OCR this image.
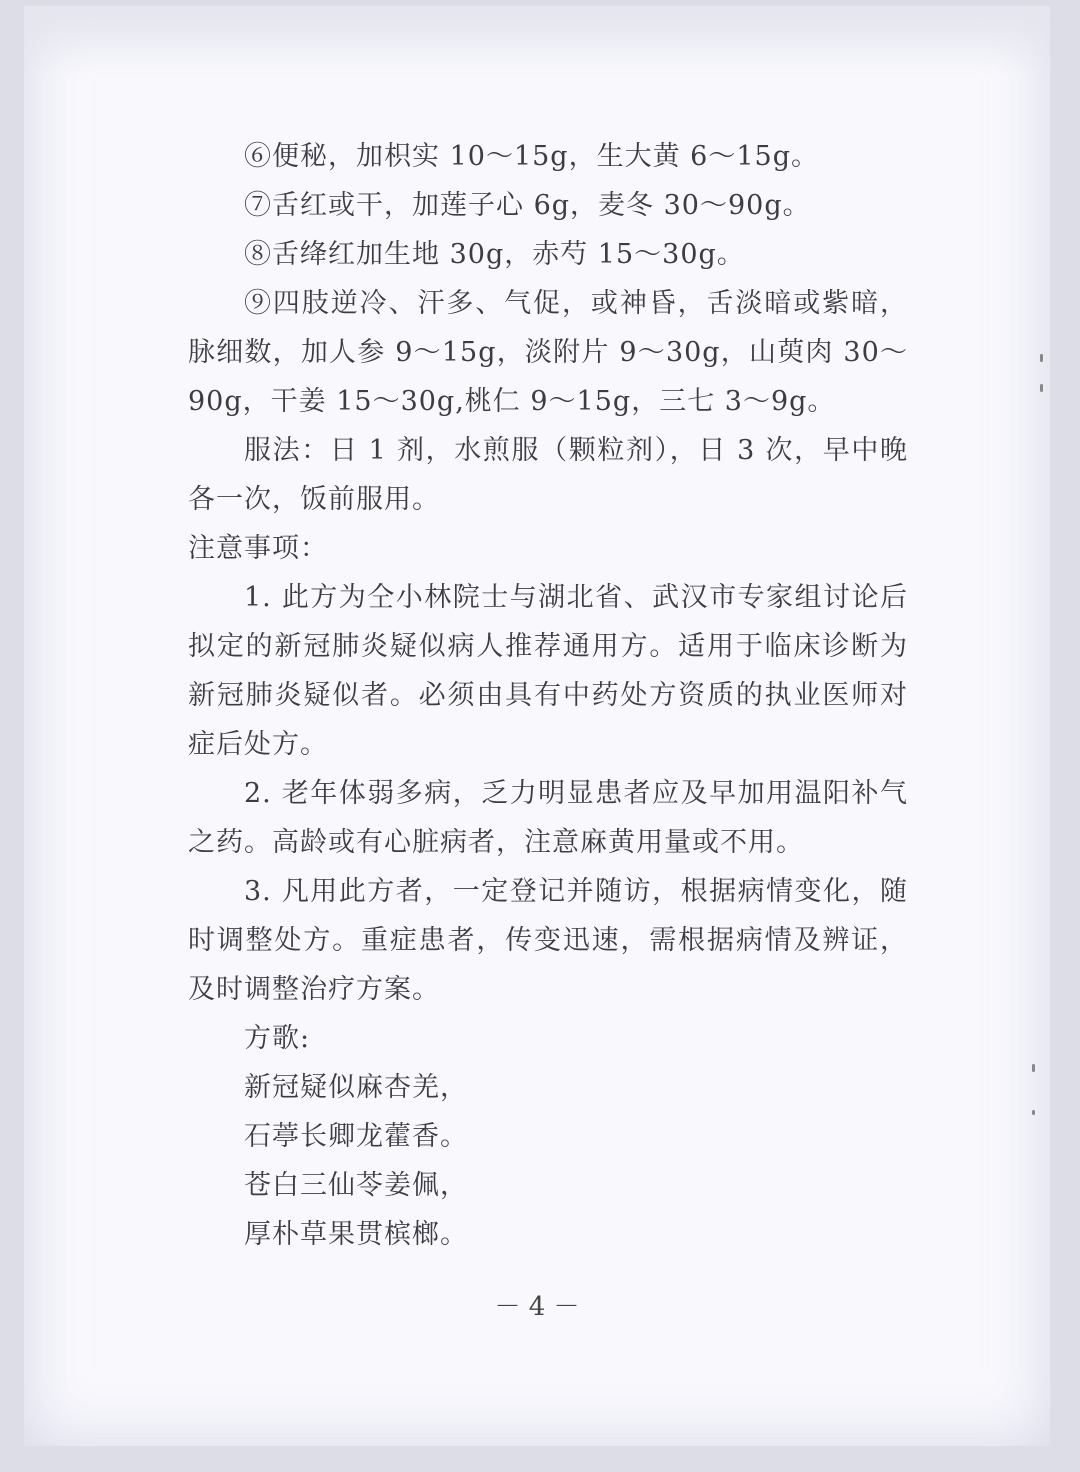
⑥便秘，加枳实 10～15g，生大黄 6～15g。

⑦舌红或干，加莲子心 6g，麦冬 30～90g。

⑧舌绛红加生地 30g，赤芍 15～30g。

⑨四肢逆冷、汗多、气促，或神昏，舌淡暗或紫暗，脉细数，加人参 9～15g，淡附片 9～30g，山萸肉 30～90g，干姜 15～30g,桃仁 9～15g，三七 3～9g。

服法：日 1 剂，水煎服（颗粒剂），日 3 次，早中晚各一次，饭前服用。

注意事项：

1. 此方为仝小林院士与湖北省、武汉市专家组讨论后拟定的新冠肺炎疑似病人推荐通用方。适用于临床诊断为新冠肺炎疑似者。必须由具有中药处方资质的执业医师对症后处方。

2. 老年体弱多病，乏力明显患者应及早加用温阳补气之药。高龄或有心脏病者，注意麻黄用量或不用。

3. 凡用此方者，一定登记并随访，根据病情变化，随时调整处方。重症患者，传变迅速，需根据病情及辨证，及时调整治疗方案。

方歌:

新冠疑似麻杏羌，

石葶长卿龙藿香。

苍白三仙苓姜佩，

厚朴草果贯槟榔。

－ 4 －
